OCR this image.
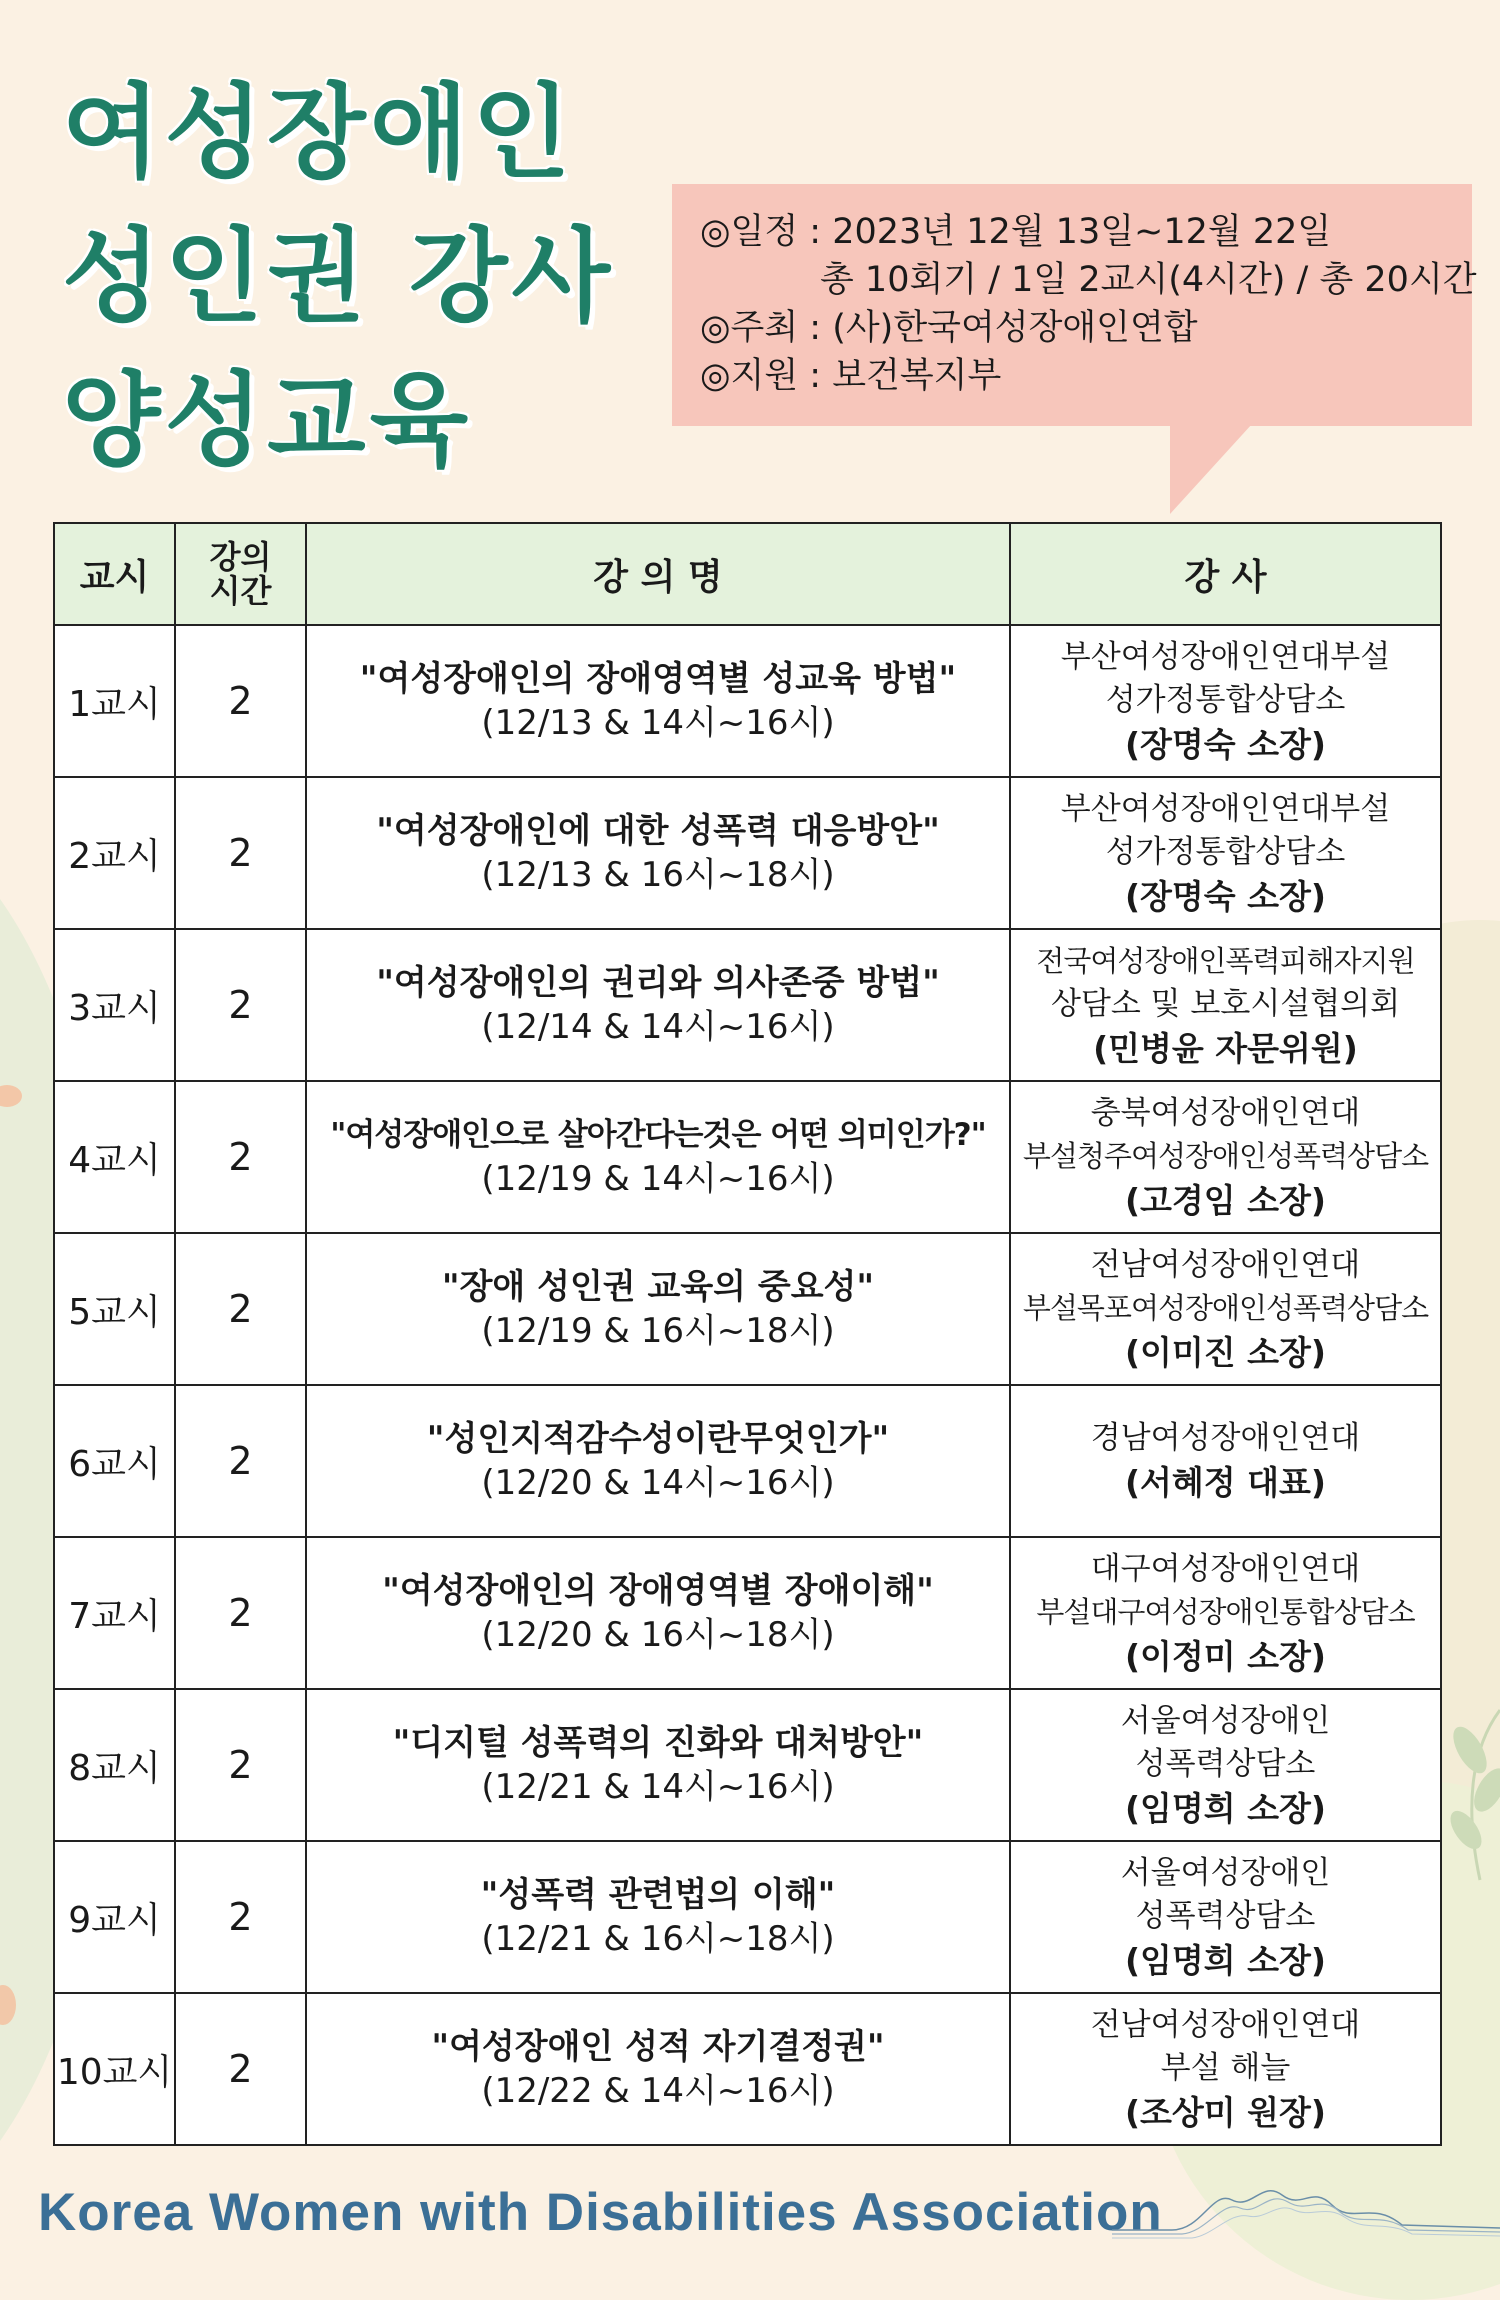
여성장애인
성인권 강사
양성교육
◎일정 : 2023년 12월 13일~12월 22일
총 10회기 / 1일 2교시(4시간) / 총 20시간
◎주최 : (사)한국여성장애인연합
◎지원 : 보건복지부
교시	강의
시간	강 의 명	강 사
1교시	2	"여성장애인의 장애영역별 성교육 방법"
(12/13 & 14시~16시)	부산여성장애인연대부설
성가정통합상담소
(장명숙 소장)

2교시	2	"여성장애인에 대한 성폭력 대응방안"
(12/13 & 16시~18시)	부산여성장애인연대부설
성가정통합상담소
(장명숙 소장)

3교시	2	"여성장애인의 권리와 의사존중 방법"
(12/14 & 14시~16시)	전국여성장애인폭력피해자지원
상담소 및 보호시설협의회
(민병윤 자문위원)

4교시	2	"여성장애인으로 살아간다는것은 어떤 의미인가?"
(12/19 & 14시~16시)	충북여성장애인연대
부설청주여성장애인성폭력상담소
(고경임 소장)

5교시	2	"장애 성인권 교육의 중요성"
(12/19 & 16시~18시)	전남여성장애인연대
부설목포여성장애인성폭력상담소
(이미진 소장)

6교시	2	"성인지적감수성이란무엇인가"
(12/20 & 14시~16시)	경남여성장애인연대
(서혜정 대표)

7교시	2	"여성장애인의 장애영역별 장애이해"
(12/20 & 16시~18시)	대구여성장애인연대
부설대구여성장애인통합상담소
(이정미 소장)

8교시	2	"디지털 성폭력의 진화와 대처방안"
(12/21 & 14시~16시)	서울여성장애인
성폭력상담소
(임명희 소장)

9교시	2	"성폭력 관련법의 이해"
(12/21 & 16시~18시)	서울여성장애인
성폭력상담소
(임명희 소장)

10교시	2	"여성장애인 성적 자기결정권"
(12/22 & 14시~16시)	전남여성장애인연대
부설 해늘
(조상미 원장)
Korea Women with Disabilities Association
